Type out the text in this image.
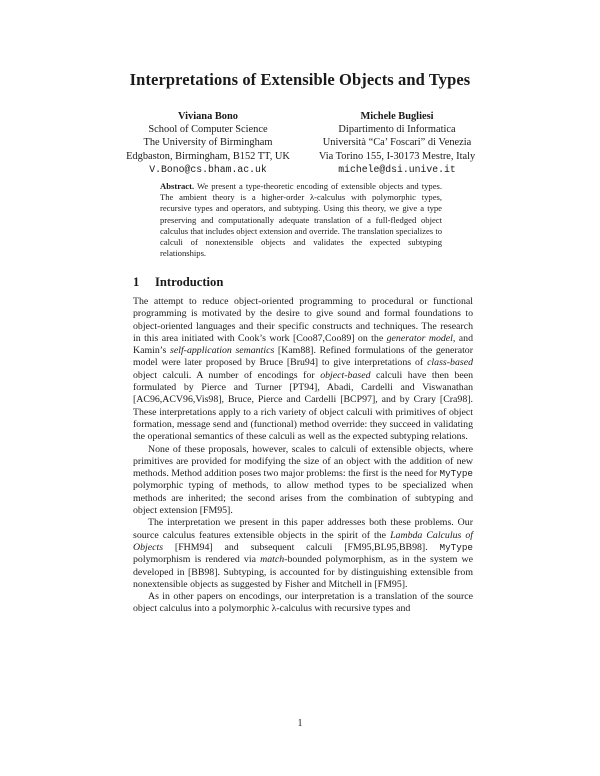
Interpretations of Extensible Objects and Types
Viviana Bono
School of Computer Science
The University of Birmingham
Edgbaston, Birmingham, B152 TT, UK
V.Bono@cs.bham.ac.uk
Michele Bugliesi
Dipartimento di Informatica
Università “Ca’ Foscari” di Venezia
Via Torino 155, I-30173 Mestre, Italy
michele@dsi.unive.it
Abstract. We present a type-theoretic encoding of extensible objects and types. The ambient theory is a higher-order λ-calculus with polymorphic types, recursive types and operators, and subtyping. Using this theory, we give a type preserving and computationally adequate translation of a full-fledged object calculus that includes object extension and override. The translation specializes to calculi of nonextensible objects and validates the expected subtyping relationships.
1 Introduction

The attempt to reduce object-oriented programming to procedural or functional programming is motivated by the desire to give sound and formal foundations to object-oriented languages and their specific constructs and techniques. The research in this area initiated with Cook’s work [Coo87,Coo89] on the generator model, and Kamin’s self-application semantics [Kam88]. Refined formulations of the generator model were later proposed by Bruce [Bru94] to give interpretations of class-based object calculi. A number of encodings for object-based calculi have then been formulated by Pierce and Turner [PT94], Abadi, Cardelli and Viswanathan [AC96,ACV96,Vis98], Bruce, Pierce and Cardelli [BCP97], and by Crary [Cra98]. These interpretations apply to a rich variety of object calculi with primitives of object formation, message send and (functional) method override: they succeed in validating the operational semantics of these calculi as well as the expected subtyping relations.

None of these proposals, however, scales to calculi of extensible objects, where primitives are provided for modifying the size of an object with the addition of new methods. Method addition poses two major problems: the first is the need for MyType polymorphic typing of methods, to allow method types to be specialized when methods are inherited; the second arises from the combination of subtyping and object extension [FM95].

The interpretation we present in this paper addresses both these problems. Our source calculus features extensible objects in the spirit of the Lambda Calculus of Objects [FHM94] and subsequent calculi [FM95,BL95,BB98]. MyType polymorphism is rendered via match-bounded polymorphism, as in the system we developed in [BB98]. Subtyping, is accounted for by distinguishing extensible from nonextensible objects as suggested by Fisher and Mitchell in [FM95].

As in other papers on encodings, our interpretation is a translation of the source object calculus into a polymorphic λ-calculus with recursive types and

1
